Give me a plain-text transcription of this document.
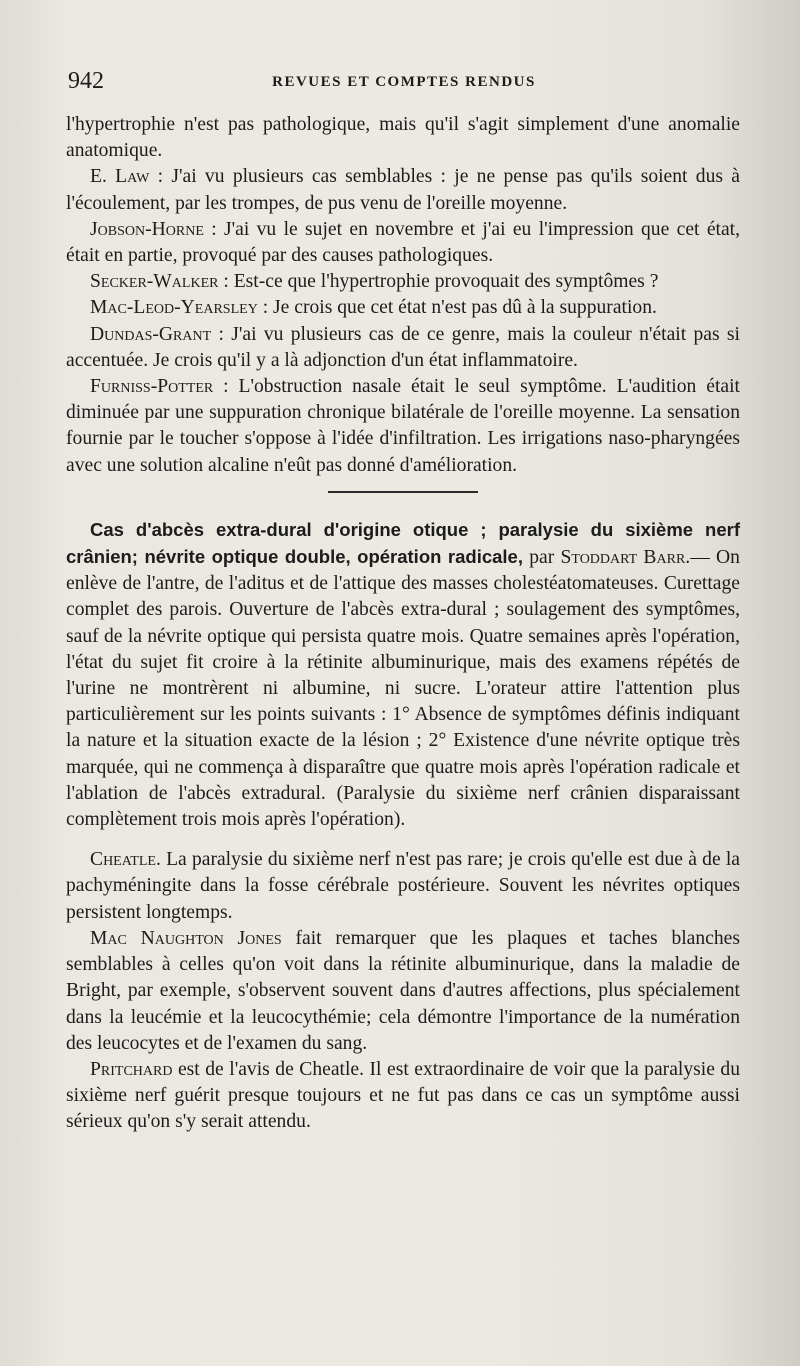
942	REVUES ET COMPTES RENDUS

l'hypertrophie n'est pas pathologique, mais qu'il s'agit simplement d'une anomalie anatomique.

E. Law : J'ai vu plusieurs cas semblables : je ne pense pas qu'ils soient dus à l'écoulement, par les trompes, de pus venu de l'oreille moyenne.

Jobson-Horne : J'ai vu le sujet en novembre et j'ai eu l'impression que cet état, était en partie, provoqué par des causes pathologiques.

Secker-Walker : Est-ce que l'hypertrophie provoquait des symptômes ?

Mac-Leod-Yearsley : Je crois que cet état n'est pas dû à la suppuration.

Dundas-Grant : J'ai vu plusieurs cas de ce genre, mais la couleur n'était pas si accentuée. Je crois qu'il y a là adjonction d'un état inflammatoire.

Furniss-Potter : L'obstruction nasale était le seul symptôme. L'audition était diminuée par une suppuration chronique bilatérale de l'oreille moyenne. La sensation fournie par le toucher s'oppose à l'idée d'infiltration. Les irrigations naso-pharyngées avec une solution alcaline n'eût pas donné d'amélioration.

Cas d'abcès extra-dural d'origine otique ; paralysie du sixième nerf crânien; névrite optique double, opération radicale, par Stoddart Barr.— On enlève de l'antre, de l'aditus et de l'attique des masses cholestéatomateuses. Curettage complet des parois. Ouverture de l'abcès extra-dural ; soulagement des symptômes, sauf de la névrite optique qui persista quatre mois. Quatre semaines après l'opération, l'état du sujet fit croire à la rétinite albuminurique, mais des examens répétés de l'urine ne montrèrent ni albumine, ni sucre. L'orateur attire l'attention plus particulièrement sur les points suivants : 1° Absence de symptômes définis indiquant la nature et la situation exacte de la lésion ; 2° Existence d'une névrite optique très marquée, qui ne commença à disparaître que quatre mois après l'opération radicale et l'ablation de l'abcès extradural. (Paralysie du sixième nerf crânien disparaissant complètement trois mois après l'opération).

Cheatle. La paralysie du sixième nerf n'est pas rare; je crois qu'elle est due à de la pachyméningite dans la fosse cérébrale postérieure. Souvent les névrites optiques persistent longtemps.

Mac Naughton Jones fait remarquer que les plaques et taches blanches semblables à celles qu'on voit dans la rétinite albuminurique, dans la maladie de Bright, par exemple, s'observent souvent dans d'autres affections, plus spécialement dans la leucémie et la leucocythémie; cela démontre l'importance de la numération des leucocytes et de l'examen du sang.

Pritchard est de l'avis de Cheatle. Il est extraordinaire de voir que la paralysie du sixième nerf guérit presque toujours et ne fut pas dans ce cas un symptôme aussi sérieux qu'on s'y serait attendu.
